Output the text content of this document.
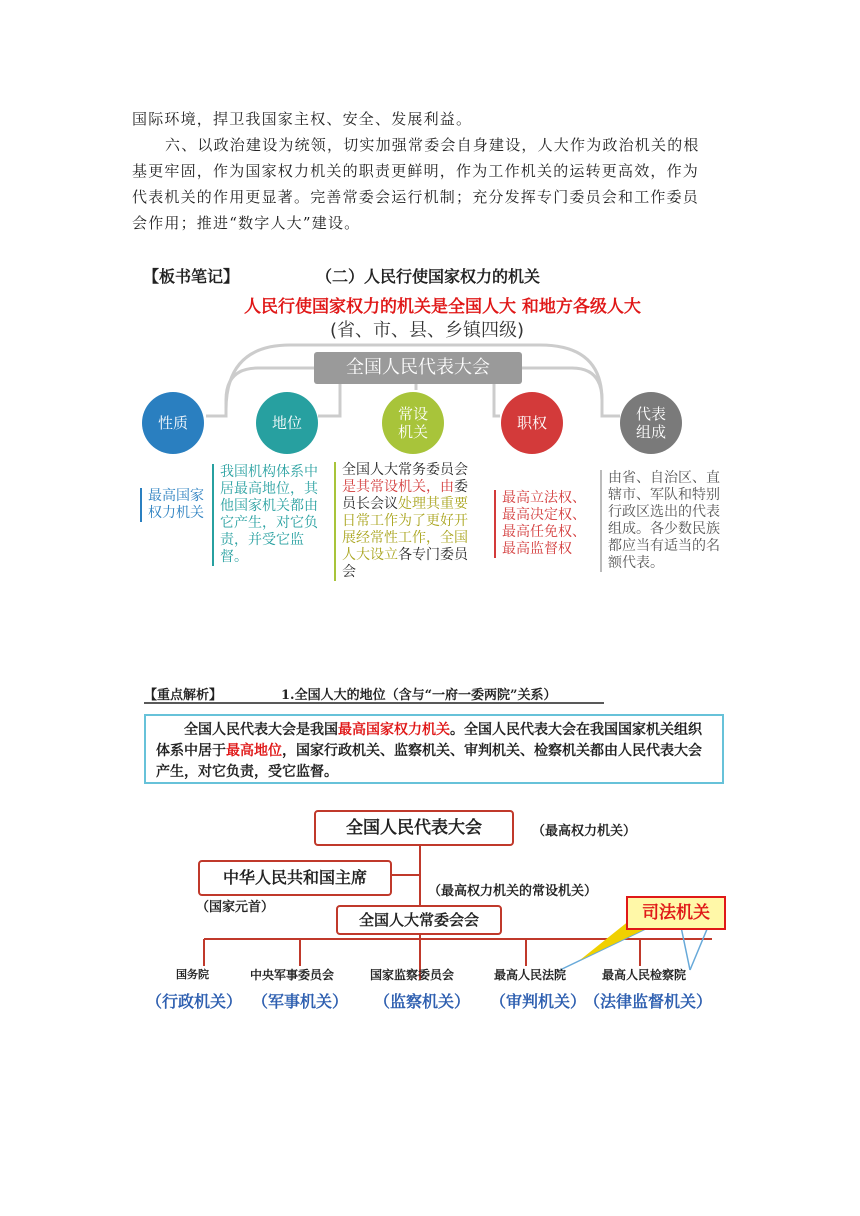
国际环境，捍卫我国家主权、安全、发展利益。
六、以政治建设为统领，切实加强常委会自身建设，人大作为政治机关的根
基更牢固，作为国家权力机关的职责更鲜明，作为工作机关的运转更高效，作为
代表机关的作用更显著。完善常委会运行机制；充分发挥专门委员会和工作委员
会作用；推进“数字人大”建设。
【板书笔记】	（二）人民行使国家权力的机关
人民行使国家权力的机关是全国人大 和地方各级人大
(省、市、县、乡镇四级)
全国人民代表大会
性质	地位	常设机关	职权	代表组成
最高国家权力机关
我国机构体系中居最高地位，其他国家机关都由它产生，对它负责，并受它监督。
全国人大常务委员会是其常设机关，由委员长会议处理其重要日常工作为了更好开展经常性工作，全国人大设立各专门委员会
最高立法权、
最高决定权、
最高任免权、
最高监督权
由省、自治区、直辖市、军队和特别行政区选出的代表组成。各少数民族都应当有适当的名额代表。
【重点解析】	1.全国人大的地位（含与“一府一委两院”关系）
全国人民代表大会是我国最高国家权力机关。全国人民代表大会在我国国家机关组织体系中居于最高地位，国家行政机关、监察机关、审判机关、检察机关都由人民代表大会产生，对它负责，受它监督。
全国人民代表大会	（最高权力机关）
中华人民共和国主席
（国家元首）
（最高权力机关的常设机关）
全国人大常委会会	司法机关
国务院	中央军事委员会	国家监察委员会	最高人民法院	最高人民检察院
（行政机关） （军事机关） （监察机关） （审判机关）
（法律监督机关）
